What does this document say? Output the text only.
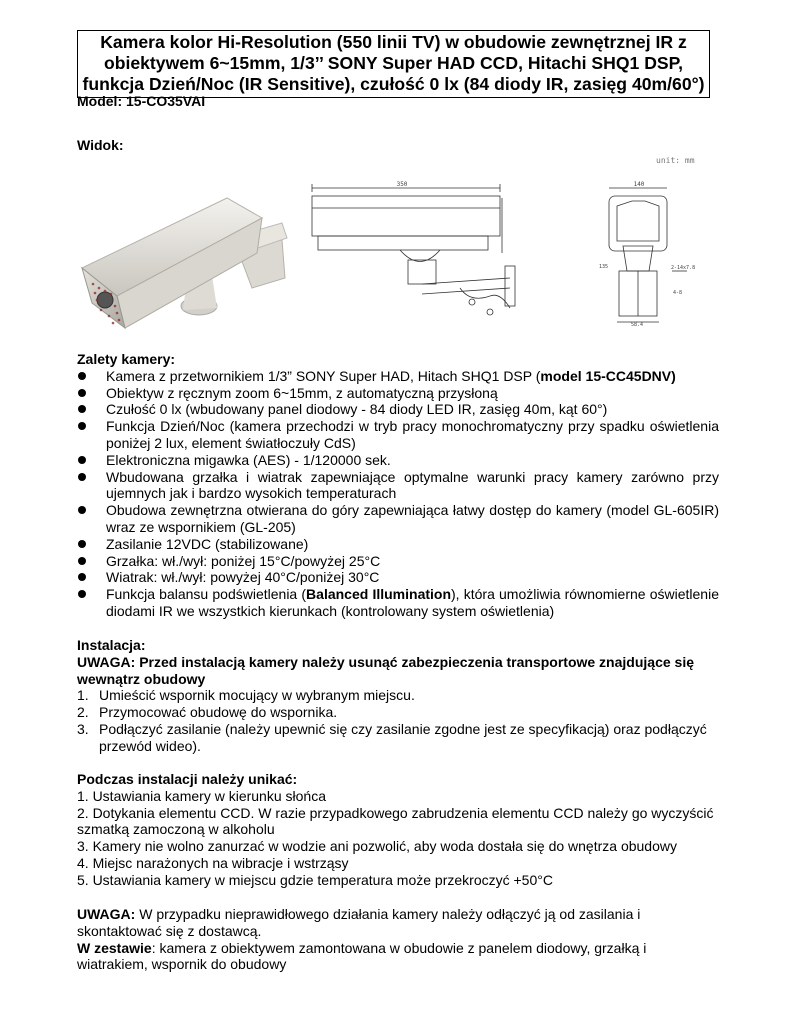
Kamera kolor Hi-Resolution (550 linii TV) w obudowie zewnętrznej IR z obiektywem 6~15mm, 1/3’’ SONY Super HAD CCD, Hitachi SHQ1 DSP, funkcja Dzień/Noc (IR Sensitive), czułość 0 lx (84 diody IR, zasięg 40m/60°)
Model: 15-CO35VAI
Widok:
unit: mm
350	140
135	2-14x7.8
4-8
58.4
Zalety kamery:
Kamera z przetwornikiem 1/3” SONY Super HAD, Hitach SHQ1 DSP (model 15-CC45DNV)
Obiektyw z ręcznym zoom 6~15mm, z automatyczną przysłoną
Czułość 0 lx (wbudowany panel diodowy - 84 diody LED IR, zasięg 40m, kąt 60°)
Funkcja Dzień/Noc (kamera przechodzi w tryb pracy monochromatyczny przy spadku oświetlenia poniżej 2 lux, element światłoczuły CdS)
Elektroniczna migawka (AES) - 1/120000 sek.
Wbudowana grzałka i wiatrak zapewniające optymalne warunki pracy kamery zarówno przy ujemnych jak i bardzo wysokich temperaturach
Obudowa zewnętrzna otwierana do góry zapewniająca łatwy dostęp do kamery (model GL-605IR) wraz ze wspornikiem (GL-205)
Zasilanie 12VDC (stabilizowane)
Grzałka: wł./wył: poniżej 15°C/powyżej 25°C
Wiatrak: wł./wył: powyżej 40°C/poniżej 30°C
Funkcja balansu podświetlenia (Balanced Illumination), która umożliwia równomierne oświetlenie diodami IR we wszystkich kierunkach (kontrolowany system oświetlenia)
Instalacja:
UWAGA: Przed instalacją kamery należy usunąć zabezpieczenia transportowe znajdujące się wewnątrz obudowy
1. Umieścić wspornik mocujący w wybranym miejscu.
2. Przymocować obudowę do wspornika.
3. Podłączyć zasilanie (należy upewnić się czy zasilanie zgodne jest ze specyfikacją) oraz podłączyć przewód wideo).
Podczas instalacji należy unikać:

1. Ustawiania kamery w kierunku słońca

2. Dotykania elementu CCD. W razie przypadkowego zabrudzenia elementu CCD należy go wyczyścić szmatką zamoczoną w alkoholu

3. Kamery nie wolno zanurzać w wodzie ani pozwolić, aby woda dostała się do wnętrza obudowy

4. Miejsc narażonych na wibracje i wstrząsy

5. Ustawiania kamery w miejscu gdzie temperatura może przekroczyć +50°C

UWAGA: W przypadku nieprawidłowego działania kamery należy odłączyć ją od zasilania i skontaktować się z dostawcą.
W zestawie: kamera z obiektywem zamontowana w obudowie z panelem diodowy, grzałką i wiatrakiem, wspornik do obudowy
